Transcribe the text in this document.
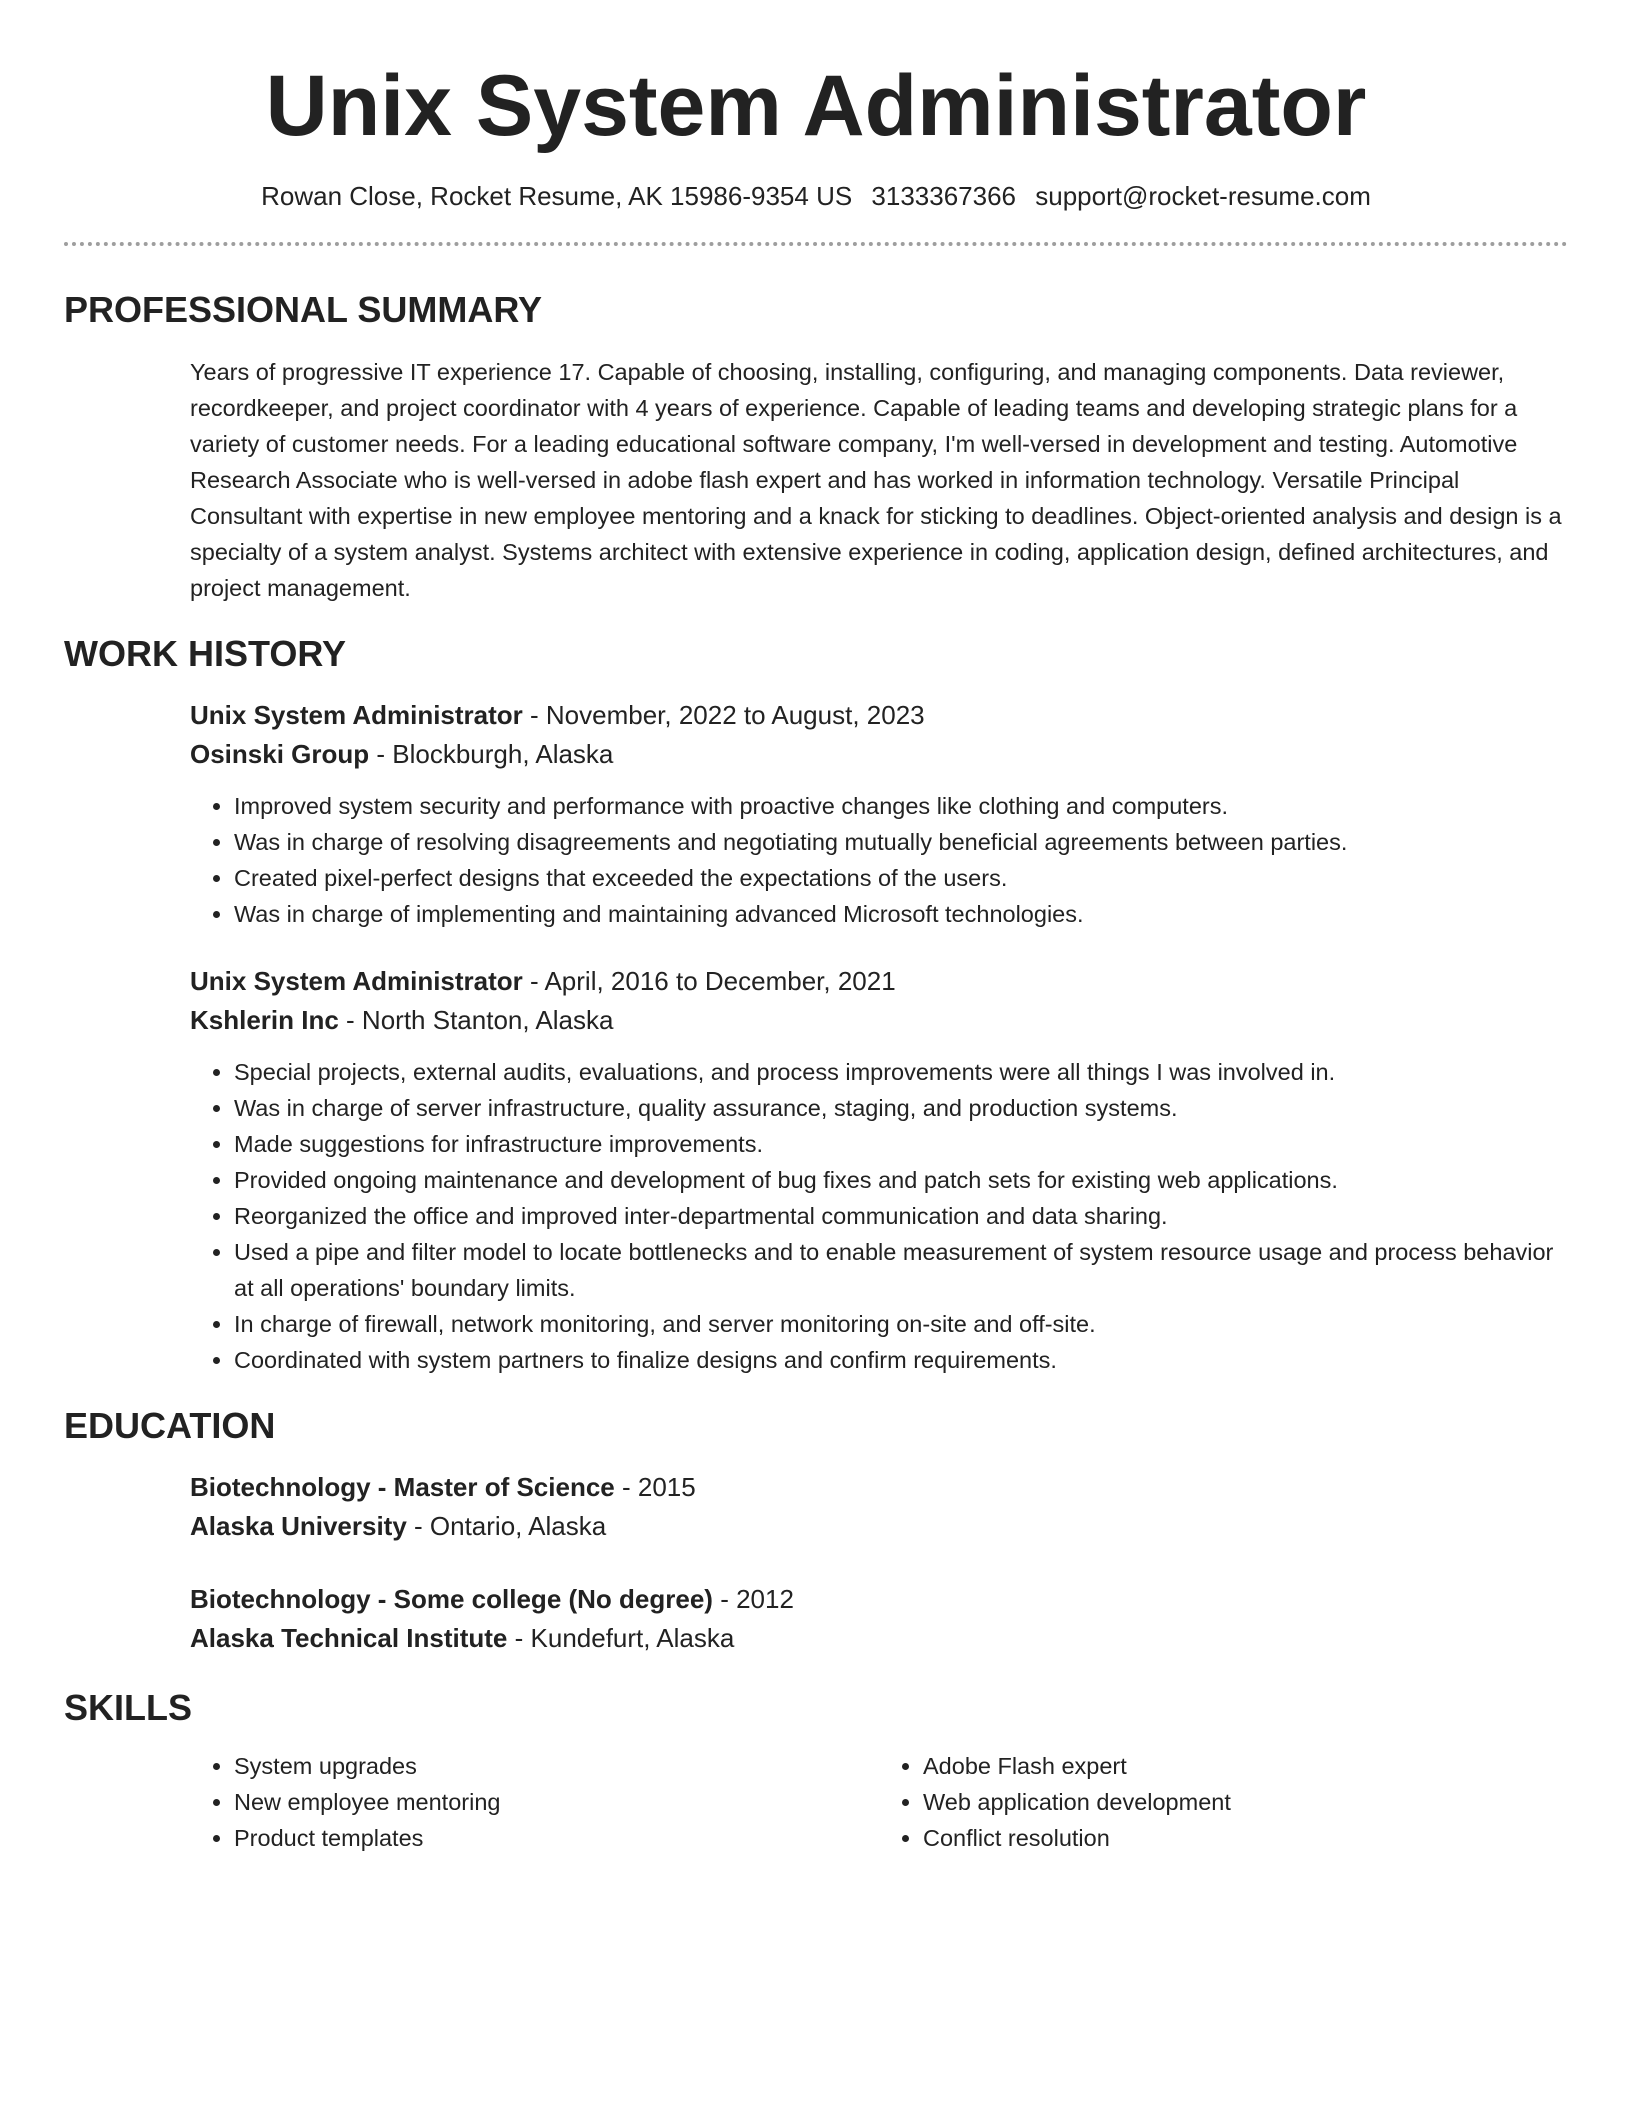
Unix System Administrator
Rowan Close, Rocket Resume, AK 15986-9354 US 3133367366 support@rocket-resume.com
PROFESSIONAL SUMMARY

Years of progressive IT experience 17. Capable of choosing, installing, configuring, and managing components. Data reviewer, recordkeeper, and project coordinator with 4 years of experience. Capable of leading teams and developing strategic plans for a variety of customer needs. For a leading educational software company, I'm well-versed in development and testing. Automotive Research Associate who is well-versed in adobe flash expert and has worked in information technology. Versatile Principal Consultant with expertise in new employee mentoring and a knack for sticking to deadlines. Object-oriented analysis and design is a specialty of a system analyst. Systems architect with extensive experience in coding, application design, defined architectures, and project management.

WORK HISTORY
Unix System Administrator - November, 2022 to August, 2023
Osinski Group - Blockburgh, Alaska
• Improved system security and performance with proactive changes like clothing and computers.
• Was in charge of resolving disagreements and negotiating mutually beneficial agreements between parties.
• Created pixel-perfect designs that exceeded the expectations of the users.
• Was in charge of implementing and maintaining advanced Microsoft technologies.
Unix System Administrator - April, 2016 to December, 2021
Kshlerin Inc - North Stanton, Alaska
• Special projects, external audits, evaluations, and process improvements were all things I was involved in.
• Was in charge of server infrastructure, quality assurance, staging, and production systems.
• Made suggestions for infrastructure improvements.
• Provided ongoing maintenance and development of bug fixes and patch sets for existing web applications.
• Reorganized the office and improved inter-departmental communication and data sharing.
• Used a pipe and filter model to locate bottlenecks and to enable measurement of system resource usage and process behavior at all operations' boundary limits.
• In charge of firewall, network monitoring, and server monitoring on-site and off-site.
• Coordinated with system partners to finalize designs and confirm requirements.
EDUCATION
Biotechnology - Master of Science - 2015
Alaska University - Ontario, Alaska
Biotechnology - Some college (No degree) - 2012
Alaska Technical Institute - Kundefurt, Alaska
SKILLS
• System upgrades
• New employee mentoring
• Product templates
• Adobe Flash expert
• Web application development
• Conflict resolution
